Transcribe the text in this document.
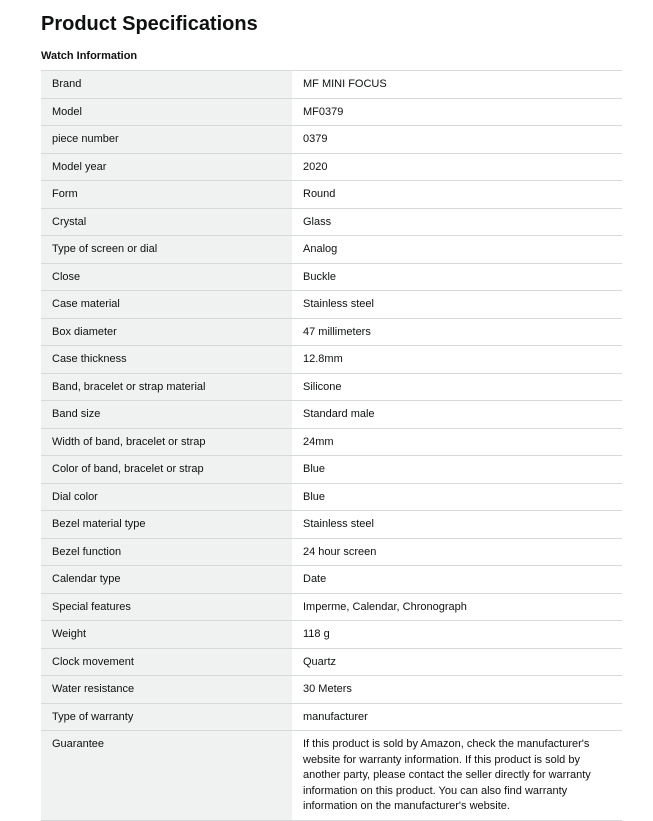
Product Specifications
Watch Information
Brand	MF MINI FOCUS
Model	MF0379
piece number	0379
Model year	2020
Form	Round
Crystal	Glass
Type of screen or dial	Analog
Close	Buckle
Case material	Stainless steel
Box diameter	47 millimeters
Case thickness	12.8mm
Band, bracelet or strap material	Silicone
Band size	Standard male
Width of band, bracelet or strap	24mm
Color of band, bracelet or strap	Blue
Dial color	Blue
Bezel material type	Stainless steel
Bezel function	24 hour screen
Calendar type	Date
Special features	Imperme, Calendar, Chronograph
Weight	118 g
Clock movement	Quartz
Water resistance	30 Meters
Type of warranty	manufacturer
Guarantee	If this product is sold by Amazon, check the manufacturer's website for warranty information. If this product is sold by another party, please contact the seller directly for warranty information on this product. You can also find warranty information on the manufacturer's website.
